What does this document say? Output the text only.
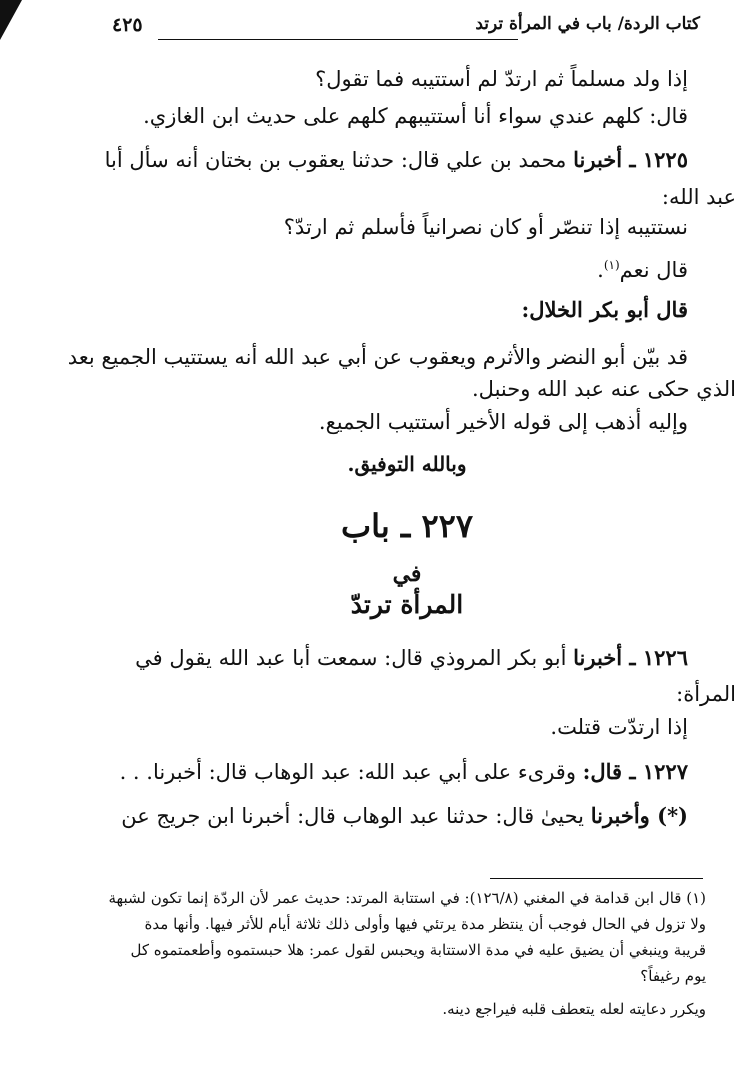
كتاب الردة/ باب في المرأة ترتد
٤٢٥
إذا ولد مسلماً ثم ارتدّ لم أستتيبه فما تقول؟
قال: كلهم عندي سواء أنا أستتيبهم كلهم على حديث ابن الغازي.
١٢٢٥ ـ أخبرنا محمد بن علي قال: حدثنا يعقوب بن بختان أنه سأل أبا
عبد الله:
نستتيبه إذا تنصّر أو كان نصرانياً فأسلم ثم ارتدّ؟
قال نعم$^{(١)}$.
قال أبو بكر الخلال:
قد بيّن أبو النضر والأثرم ويعقوب عن أبي عبد الله أنه يستتيب الجميع بعد
الذي حكى عنه عبد الله وحنبل.
وإليه أذهب إلى قوله الأخير أستتيب الجميع.
وبالله التوفيق.
٢٢٧ ـ باب
في
المرأة ترتدّ
١٢٢٦ ـ أخبرنا أبو بكر المروذي قال: سمعت أبا عبد الله يقول في
المرأة:
إذا ارتدّت قتلت.
١٢٢٧ ـ قال: وقرىء على أبي عبد الله: عبد الوهاب قال: أخبرنا. . .
(*) وأخبرنا يحيىٰ قال: حدثنا عبد الوهاب قال: أخبرنا ابن جريج عن
(١) قال ابن قدامة في المغني (١٢٦/٨): في استتابة المرتد: حديث عمر لأن الردّة إنما تكون لشبهة
ولا تزول في الحال فوجب أن ينتظر مدة يرتئي فيها وأولى ذلك ثلاثة أيام للأثر فيها. وأنها مدة
قريبة وينبغي أن يضيق عليه في مدة الاستتابة ويحبس لقول عمر: هلا حبستموه وأطعمتموه كل
يوم رغيفاً؟
ويكرر دعايته لعله يتعطف قلبه فيراجع دينه.
